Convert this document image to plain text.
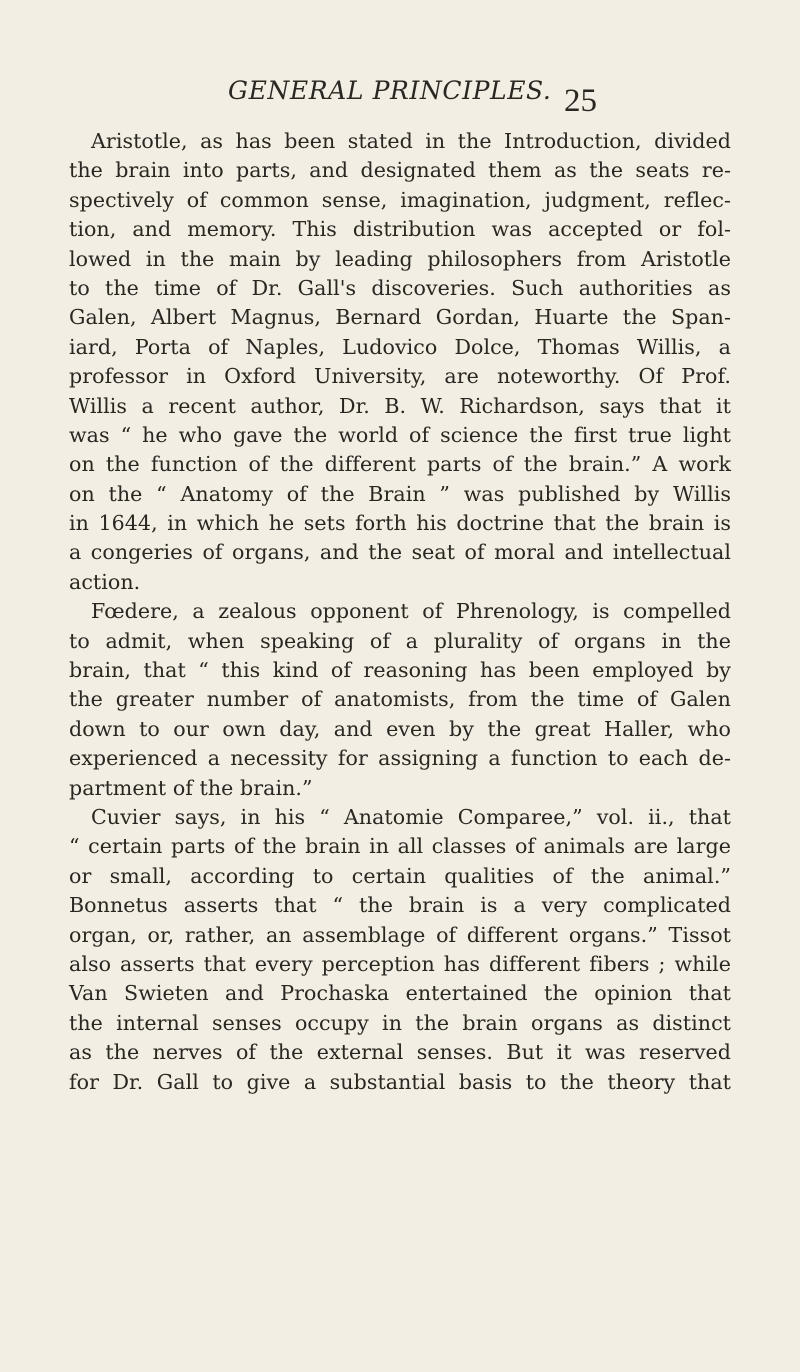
GENERAL PRINCIPLES. 25
Aristotle, as has been stated in the Introduction, divided
the brain into parts, and designated them as the seats re-
spectively of common sense, imagination, judgment, reflec-
tion, and memory. This distribution was accepted or fol-
lowed in the main by leading philosophers from Aristotle
to the time of Dr. Gall's discoveries. Such authorities as
Galen, Albert Magnus, Bernard Gordan, Huarte the Span-
iard, Porta of Naples, Ludovico Dolce, Thomas Willis, a
professor in Oxford University, are noteworthy. Of Prof.
Willis a recent author, Dr. B. W. Richardson, says that it
was “ he who gave the world of science the first true light
on the function of the different parts of the brain.” A work
on the “ Anatomy of the Brain ” was published by Willis
in 1644, in which he sets forth his doctrine that the brain is
a congeries of organs, and the seat of moral and intellectual
action.
Fœdere, a zealous opponent of Phrenology, is compelled
to admit, when speaking of a plurality of organs in the
brain, that “ this kind of reasoning has been employed by
the greater number of anatomists, from the time of Galen
down to our own day, and even by the great Haller, who
experienced a necessity for assigning a function to each de-
partment of the brain.”
Cuvier says, in his “ Anatomie Comparee,” vol. ii., that
“ certain parts of the brain in all classes of animals are large
or small, according to certain qualities of the animal.”
Bonnetus asserts that “ the brain is a very complicated
organ, or, rather, an assemblage of different organs.” Tissot
also asserts that every perception has different fibers ; while
Van Swieten and Prochaska entertained the opinion that
the internal senses occupy in the brain organs as distinct
as the nerves of the external senses. But it was reserved
for Dr. Gall to give a substantial basis to the theory that
